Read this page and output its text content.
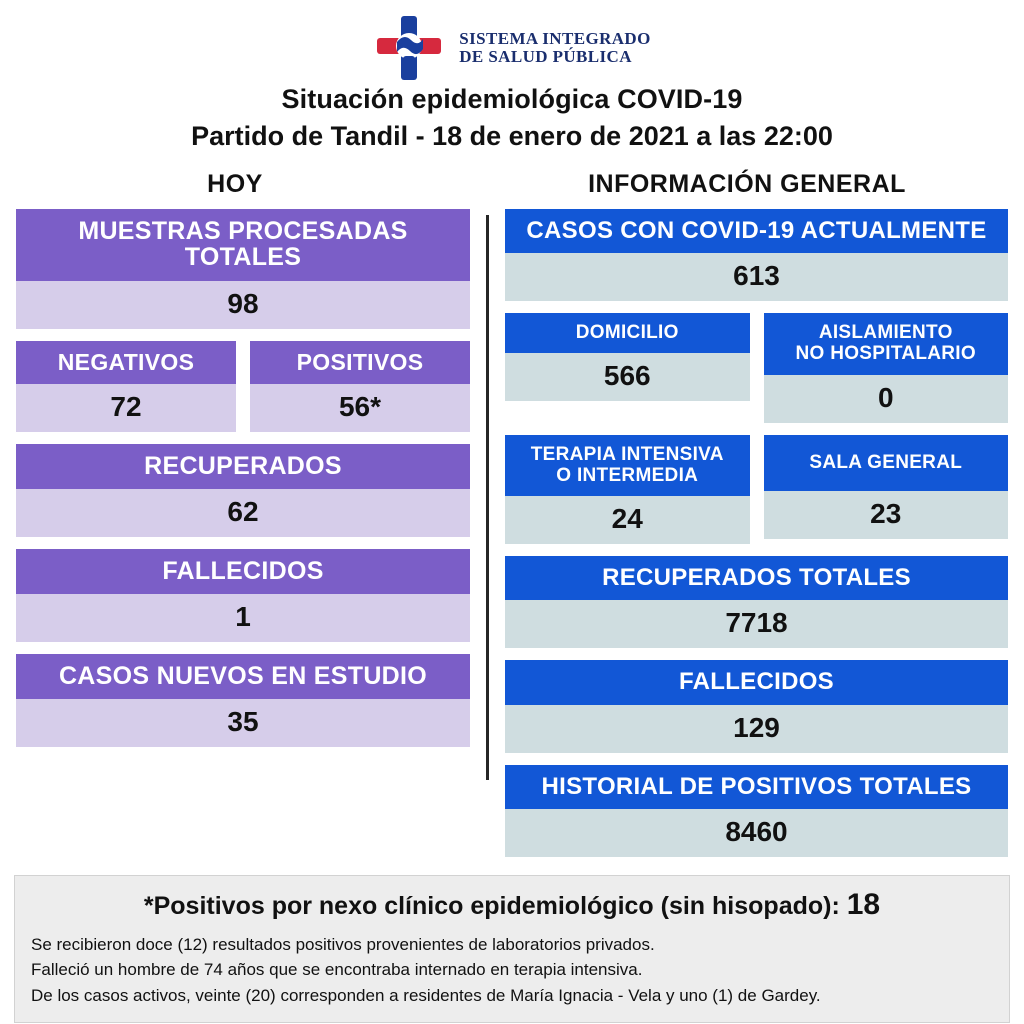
SISTEMA INTEGRADO
DE SALUD PÚBLICA
Situación epidemiológica COVID-19
Partido de Tandil - 18 de enero de 2021 a las 22:00
HOY	INFORMACIÓN GENERAL
MUESTRAS PROCESADAS TOTALES
98
NEGATIVOS
72
POSITIVOS
56*
RECUPERADOS
62
FALLECIDOS
1
CASOS NUEVOS EN ESTUDIO
35
CASOS CON COVID-19 ACTUALMENTE
613
DOMICILIO
566
AISLAMIENTO
NO HOSPITALARIO
0
TERAPIA INTENSIVA
O INTERMEDIA
24
SALA GENERAL
23
RECUPERADOS TOTALES
7718
FALLECIDOS
129
HISTORIAL DE POSITIVOS TOTALES
8460
*Positivos por nexo clínico epidemiológico (sin hisopado): 18
Se recibieron doce (12) resultados positivos provenientes de laboratorios privados.
Falleció un hombre de 74 años que se encontraba internado en terapia intensiva.
De los casos activos, veinte (20) corresponden a residentes de María Ignacia - Vela y uno (1) de Gardey.
